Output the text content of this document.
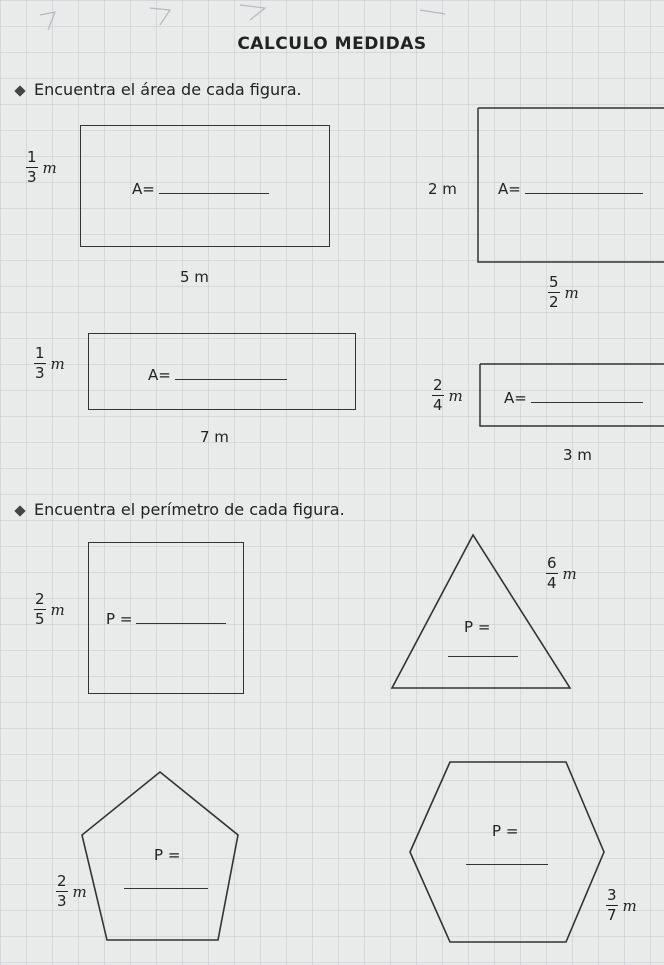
CALCULO MEDIDAS
Encuentra el área de cada figura.
$\frac{1}{3}$ m
A=
5 m
2 m	A=
$\frac{5}{2}$ m
$\frac{1}{3}$ m
A=
7 m
$\frac{2}{4}$ m	A=
3 m
Encuentra el perímetro de cada figura.
$\frac{2}{5}$ m
P =
$\frac{6}{4}$ m
P =
P =
$\frac{2}{3}$ m
P =
$\frac{3}{7}$ m
